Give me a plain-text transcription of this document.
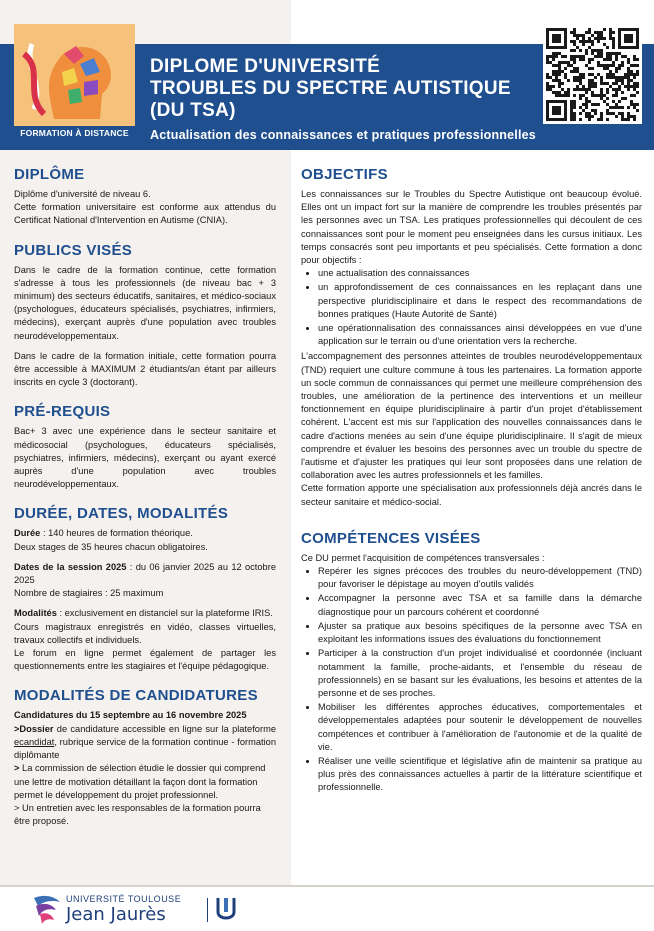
FORMATION À DISTANCE
DIPLOME D'UNIVERSITÉ
TROUBLES DU SPECTRE AUTISTIQUE
(DU TSA)
Actualisation des connaissances et pratiques professionnelles
DIPLÔME

Diplôme d'université de niveau 6.

Cette formation universitaire est conforme aux attendus du Certificat National d'Intervention en Autisme (CNIA).

PUBLICS VISÉS

Dans le cadre de la formation continue, cette formation s'adresse à tous les professionnels (de niveau bac + 3 minimum) des secteurs éducatifs, sanitaires, et médico-sociaux (psychologues, éducateurs spécialisés, psychiatres, infirmiers, médecins), exerçant auprès d'une population avec troubles neurodéveloppementaux.

Dans le cadre de la formation initiale, cette formation pourra être accessible à MAXIMUM 2 étudiants/an étant par ailleurs inscrits en cycle 3 (doctorant).

PRÉ-REQUIS

Bac+ 3 avec une expérience dans le secteur sanitaire et médicosocial (psychologues, éducateurs spécialisés, psychiatres, infirmiers, médecins), exerçant ou ayant exercé auprès d'une population avec troubles neurodéveloppementaux.

DURÉE, DATES, MODALITÉS

Durée : 140 heures de formation théorique.

Deux stages de 35 heures chacun obligatoires.

Dates de la session 2025 : du 06 janvier 2025 au 12 octobre 2025

Nombre de stagiaires : 25 maximum

Modalités : exclusivement en distanciel sur la plateforme IRIS.

Cours magistraux enregistrés en vidéo, classes virtuelles, travaux collectifs et individuels.

Le forum en ligne permet également de partager les questionnements entre les stagiaires et l'équipe pédagogique.

MODALITÉS DE CANDIDATURES

Candidatures du 15 septembre au 16 novembre 2025

>Dossier de candidature accessible en ligne sur la plateforme ecandidat, rubrique service de la formation continue - formation diplômante

> La commission de sélection étudie le dossier qui comprend une lettre de motivation détaillant la façon dont la formation permet le développement du projet professionnel.

> Un entretien avec les responsables de la formation pourra être proposé.

OBJECTIFS

Les connaissances sur le Troubles du Spectre Autistique ont beaucoup évolué. Elles ont un impact fort sur la manière de comprendre les troubles présentés par les personnes avec un TSA. Les pratiques professionnelles qui découlent de ces connaissances sont pour le moment peu enseignées dans les cursus initiaux. Les temps consacrés sont peu importants et peu spécialisés. Cette formation a donc pour objectifs :

• une actualisation des connaissances
• un approfondissement de ces connaissances en les replaçant dans une perspective pluridisciplinaire et dans le respect des recommandations de bonnes pratiques (Haute Autorité de Santé)
• une opérationnalisation des connaissances ainsi développées en vue d'une application sur le terrain ou d'une orientation vers la recherche.

L'accompagnement des personnes atteintes de troubles neurodéveloppementaux (TND) requiert une culture commune à tous les partenaires. La formation apporte un socle commun de connaissances qui permet une meilleure compréhension des troubles, une amélioration de la pertinence des interventions et un meilleur fonctionnement en équipe pluridisciplinaire à partir d'un projet d'établissement cohérent. L'accent est mis sur l'application des nouvelles connaissances dans le cadre d'actions menées au sein d'une équipe pluridisciplinaire. Il s'agit de mieux comprendre et évaluer les besoins des personnes avec un trouble du spectre de l'autisme et d'ajuster les pratiques qui leur sont proposées dans une relation de collaboration avec les autres professionnels et les familles.

Cette formation apporte une spécialisation aux professionnels déjà ancrés dans le secteur sanitaire et médico-social.

COMPÉTENCES VISÉES

Ce DU permet l'acquisition de compétences transversales :

• Repérer les signes précoces des troubles du neuro-développement (TND) pour favoriser le dépistage au moyen d'outils validés
• Accompagner la personne avec TSA et sa famille dans la démarche diagnostique pour un parcours cohérent et coordonné
• Ajuster sa pratique aux besoins spécifiques de la personne avec TSA en exploitant les informations issues des évaluations du fonctionnement
• Participer à la construction d'un projet individualisé et coordonnée (incluant notamment la famille, proche-aidants, et l'ensemble du réseau de professionnels) en se basant sur les évaluations, les besoins et attentes de la personne et de ses proches.
• Mobiliser les différentes approches éducatives, comportementales et développementales adaptées pour soutenir le développement de nouvelles compétences et contribuer à l'amélioration de l'autonomie et de la qualité de vie.
• Réaliser une veille scientifique et législative afin de maintenir sa pratique au plus près des connaissances actuelles à partir de la littérature scientifique et professionnelle.
UNIVERSITÉ TOULOUSE
Jean Jaurès
